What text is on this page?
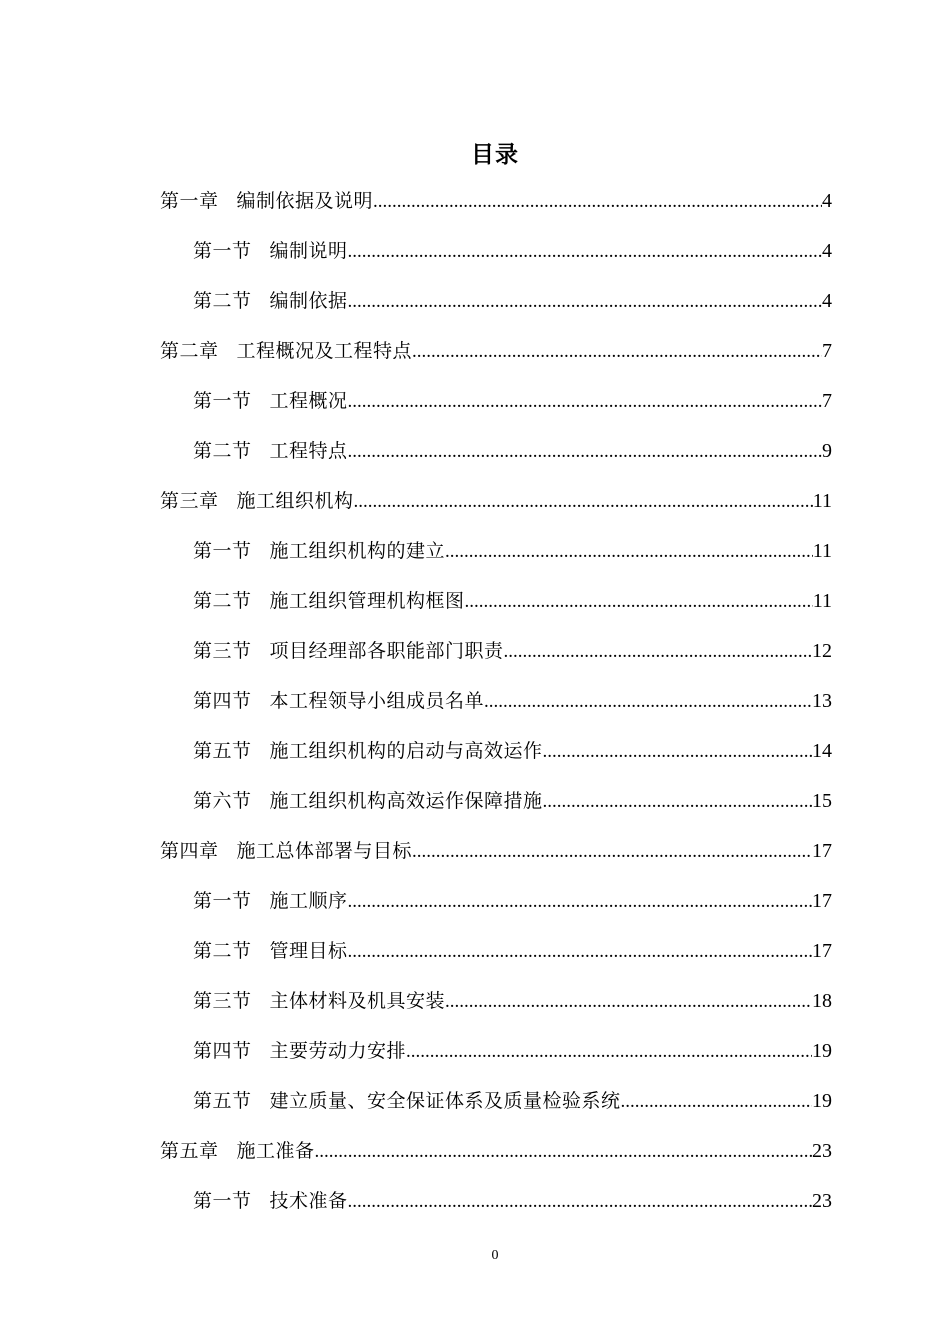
目录
第一章 编制依据及说明 .....	4
第一节 编制说明 .....	4
第二节 编制依据 .....	4
第二章 工程概况及工程特点 .....	7
第一节 工程概况 .....	7
第二节 工程特点 .....	9
第三章 施工组织机构 .....	11
第一节 施工组织机构的建立 .....	11
第二节 施工组织管理机构框图 .....	11
第三节 项目经理部各职能部门职责 .....	12
第四节 本工程领导小组成员名单 .....	13
第五节 施工组织机构的启动与高效运作 .....	14
第六节 施工组织机构高效运作保障措施 .....	15
第四章 施工总体部署与目标 .....	17
第一节 施工顺序 .....	17
第二节 管理目标 .....	17
第三节 主体材料及机具安装 .....	18
第四节 主要劳动力安排 .....	19
第五节 建立质量、安全保证体系及质量检验系统 .....	19
第五章 施工准备 .....	23
第一节 技术准备 .....	23
0
